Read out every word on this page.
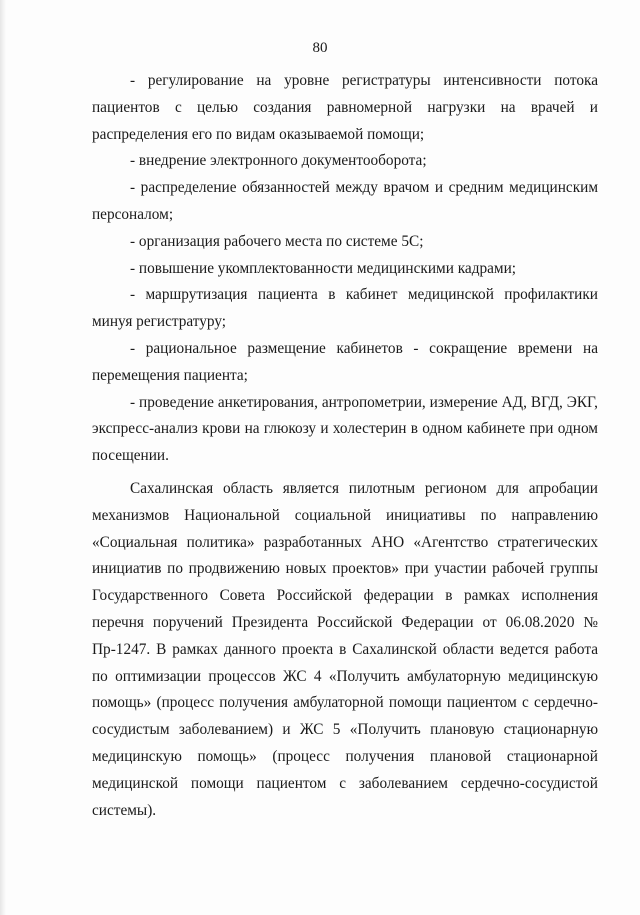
80

- регулирование на уровне регистратуры интенсивности потока пациентов с целью создания равномерной нагрузки на врачей и распределения его по видам оказываемой помощи;

- внедрение электронного документооборота;

- распределение обязанностей между врачом и средним медицинским персоналом;

- организация рабочего места по системе 5С;

- повышение укомплектованности медицинскими кадрами;

- маршрутизация пациента в кабинет медицинской профилактики минуя регистратуру;

- рациональное размещение кабинетов - сокращение времени на перемещения пациента;

- проведение анкетирования, антропометрии, измерение АД, ВГД, ЭКГ, экспресс-анализ крови на глюкозу и холестерин в одном кабинете при одном посещении.

Сахалинская область является пилотным регионом для апробации механизмов Национальной социальной инициативы по направлению «Социальная политика» разработанных АНО «Агентство стратегических инициатив по продвижению новых проектов» при участии рабочей группы Государственного Совета Российской федерации в рамках исполнения перечня поручений Президента Российской Федерации от 06.08.2020 № Пр-1247. В рамках данного проекта в Сахалинской области ведется работа по оптимизации процессов ЖС 4 «Получить амбулаторную медицинскую помощь» (процесс получения амбулаторной помощи пациентом с сердечно-сосудистым заболеванием) и ЖС 5 «Получить плановую стационарную медицинскую помощь» (процесс получения плановой стационарной медицинской помощи пациентом с заболеванием сердечно-сосудистой системы).
